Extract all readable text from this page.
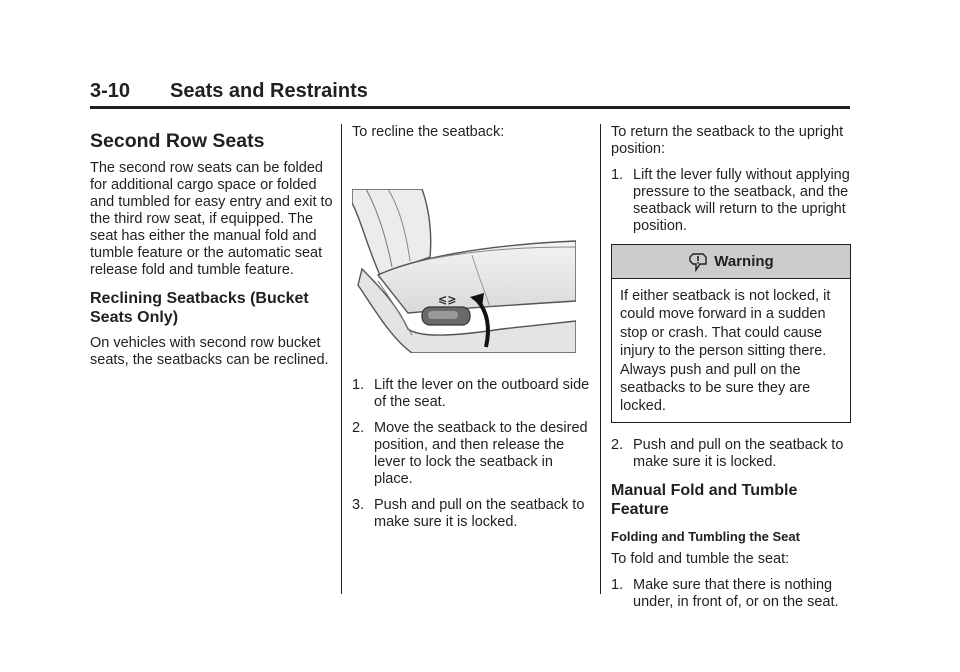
3-10 Seats and Restraints
Second Row Seats

The second row seats can be folded for additional cargo space or folded and tumbled for easy entry and exit to the third row seat, if equipped. The seat has either the manual fold and tumble feature or the automatic seat release fold and tumble feature.

Reclining Seatbacks (Bucket Seats Only)

On vehicles with second row bucket seats, the seatbacks can be reclined.

To recline the seatback:

⩽⩾
1. Lift the lever on the outboard side of the seat.
2. Move the seatback to the desired position, and then release the lever to lock the seatback in place.
3. Push and pull on the seatback to make sure it is locked.

To return the seatback to the upright position:

1. Lift the lever fully without applying pressure to the seatback, and the seatback will return to the upright position.
Warning
If either seatback is not locked, it could move forward in a sudden stop or crash. That could cause injury to the person sitting there. Always push and pull on the seatbacks to be sure they are locked.
2. Push and pull on the seatback to make sure it is locked.
Manual Fold and Tumble Feature
Folding and Tumbling the Seat

To fold and tumble the seat:

1. Make sure that there is nothing under, in front of, or on the seat.
